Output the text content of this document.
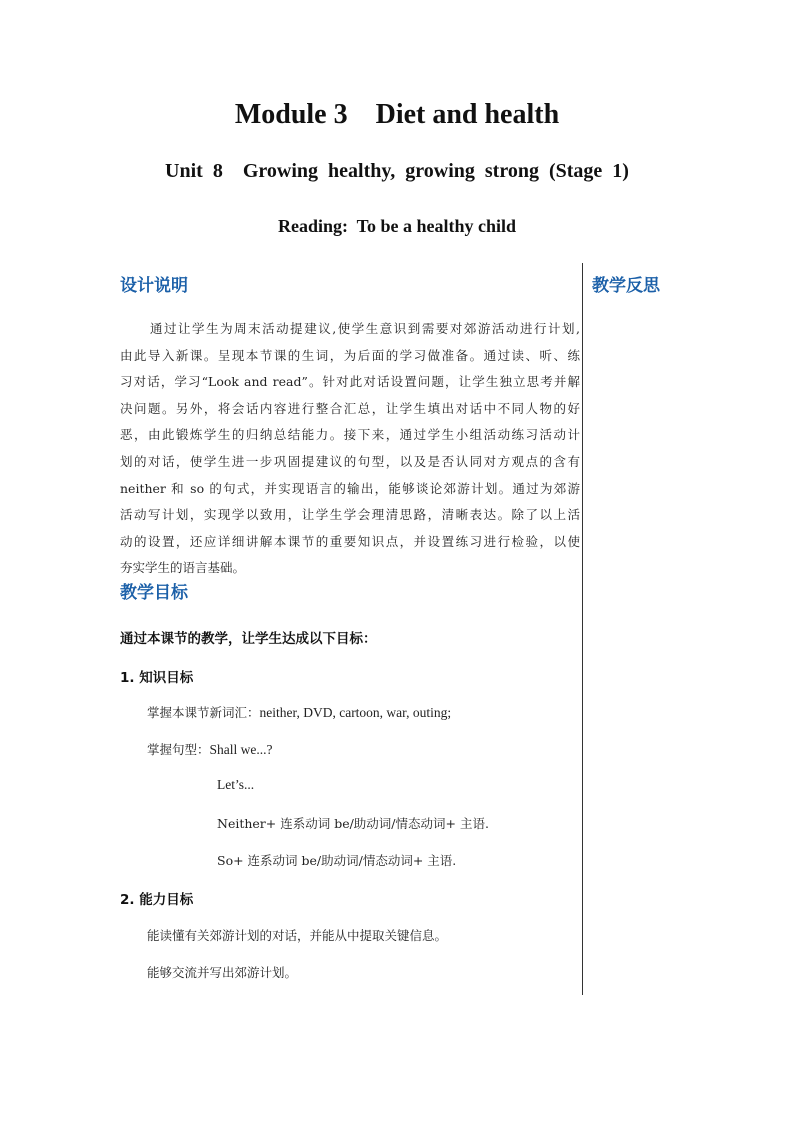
Module 3    Diet and health
Unit  8    Growing  healthy,  growing  strong  (Stage  1)
Reading:  To be a healthy child
设计说明	教学反思
通过让学生为周末活动提建议,使学生意识到需要对郊游活动进行计划,
由此导入新课。呈现本节课的生词，为后面的学习做准备。通过读、听、练
习对话，学习“Look and read”。针对此对话设置问题，让学生独立思考并解
决问题。另外，将会话内容进行整合汇总，让学生填出对话中不同人物的好
恶，由此锻炼学生的归纳总结能力。接下来，通过学生小组活动练习活动计
划的对话，使学生进一步巩固提建议的句型，以及是否认同对方观点的含有
neither 和 so 的句式，并实现语言的输出，能够谈论郊游计划。通过为郊游
活动写计划，实现学以致用，让学生学会理清思路，清晰表达。除了以上活
动的设置，还应详细讲解本课节的重要知识点，并设置练习进行检验，以使
夯实学生的语言基础。
教学目标
通过本课节的教学，让学生达成以下目标：
1. 知识目标
掌握本课节新词汇：neither, DVD, cartoon, war, outing;
掌握句型：Shall we...?
Let’s...
Neither+ 连系动词 be/助动词/情态动词+ 主语.
So+ 连系动词 be/助动词/情态动词+ 主语.
2. 能力目标
能读懂有关郊游计划的对话，并能从中提取关键信息。
能够交流并写出郊游计划。
